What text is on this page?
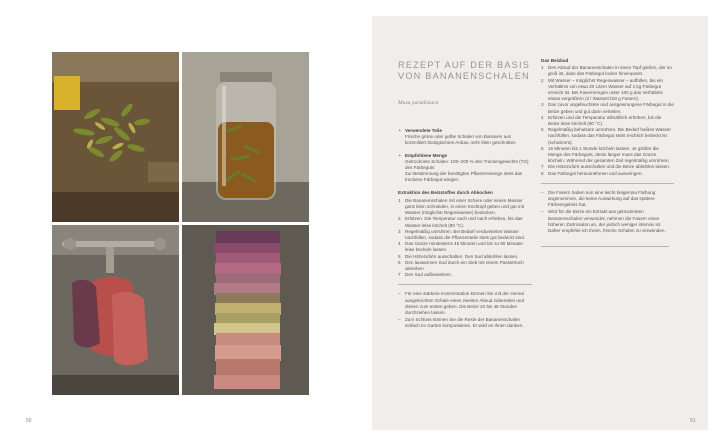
50
REZEPT AUF DER BASIS VON BANANENSCHALEN
Musa paradisiaca
• Verwendete Teile
Frische grüne oder gelbe Schalen von Bananen aus kontrolliert biologischem Anbau, sehr klein geschnitten
• Empfohlene Menge
Getrocknete Schalen: 100–200 % des Trockengewichts (TG) des Färbeguts
Zur Bestimmung der benötigten Pflanzenmenge stets das trockene Färbegut wiegen.
Extraktion des Beizstoffes durch Abkochen
1 Die Bananenschalen mit einer Schere oder einem Messer ganz klein schneiden, in einen Kochtopf geben und gut mit Wasser (möglichst Regenwasser) bedecken.
2 Erhitzen. Die Temperatur nach und nach erhöhen, bis das Wasser leise köchelt (90 °C).
3 Regelmäßig umrühren. Bei Bedarf verdunstetes Wasser nachfüllen, sodass die Pflanzenteile stets gut bedeckt sind.
4 Das Ganze mindestens 45 Minuten und bis zu 90 Minuten leise köcheln lassen.
5 Die Hitzezufuhr ausschalten. Den Sud abkühlen lassen.
6 Den lauwarmen Sud durch ein Sieb mit einem Passiertuch abseihen.
7 Den Sud aufbewahren.
– Für eine stärkere Konzentration können Sie mit der einmal ausgekochten Schale einen zweiten Absud zubereiten und diesen zum ersten geben. Die Beize 24 bis 48 Stunden durchziehen lassen.
– Zum Schluss können Sie die Reste der Bananenschalen einfach im Garten kompostieren. Er wird es Ihnen danken.
Das Beizbad
1 Den Absud der Bananenschalen in einen Topf gießen, der so groß ist, dass das Färbegut locker hineinpasst.
2 Mit Wasser – möglichst Regenwasser – auffüllen, bis ein Verhältnis von etwa 20 Litern Wasser auf 1 kg Färbegut erreicht ist. Bei Fasermengen unter 100 g das Verhältnis etwas vergrößern (3 l Wasser/100 g Fasern).
3 Das zuvor angefeuchtete und ausgewrungene Färbegut in die Beize geben und gut darin verteilen.
4 Erhitzen und die Temperatur allmählich erhöhen, bis die Beize leise köchelt (90 °C).
5 Regelmäßig behutsam umrühren. Bei Bedarf heißes Wasser nachfüllen, sodass das Färbegut stets reichlich bedeckt ist (schwimmt).
6 15 Minuten bis 1 Stunde köcheln lassen. Je größer die Menge des Färbeguts, desto länger muss das Ganze köcheln. Während der gesamten Zeit regelmäßig umrühren.
7 Die Hitzezufuhr ausschalten und die Beize abkühlen lassen.
8 Das Färbegut herausnehmen und auswringen.
– Die Fasern haben nun eine leicht beigerosa Färbung angenommen, die keine Auswirkung auf das spätere Färbeergebnis hat.
– Wird für die Beize ein Extrakt aus getrockneten Bananenschalen verwendet, nehmen die Fasern einen höheren Zartrosaton an, der jedoch weniger intensiv ist. Daher empfehle ich Ihnen, frische Schalen zu verwenden.
51
